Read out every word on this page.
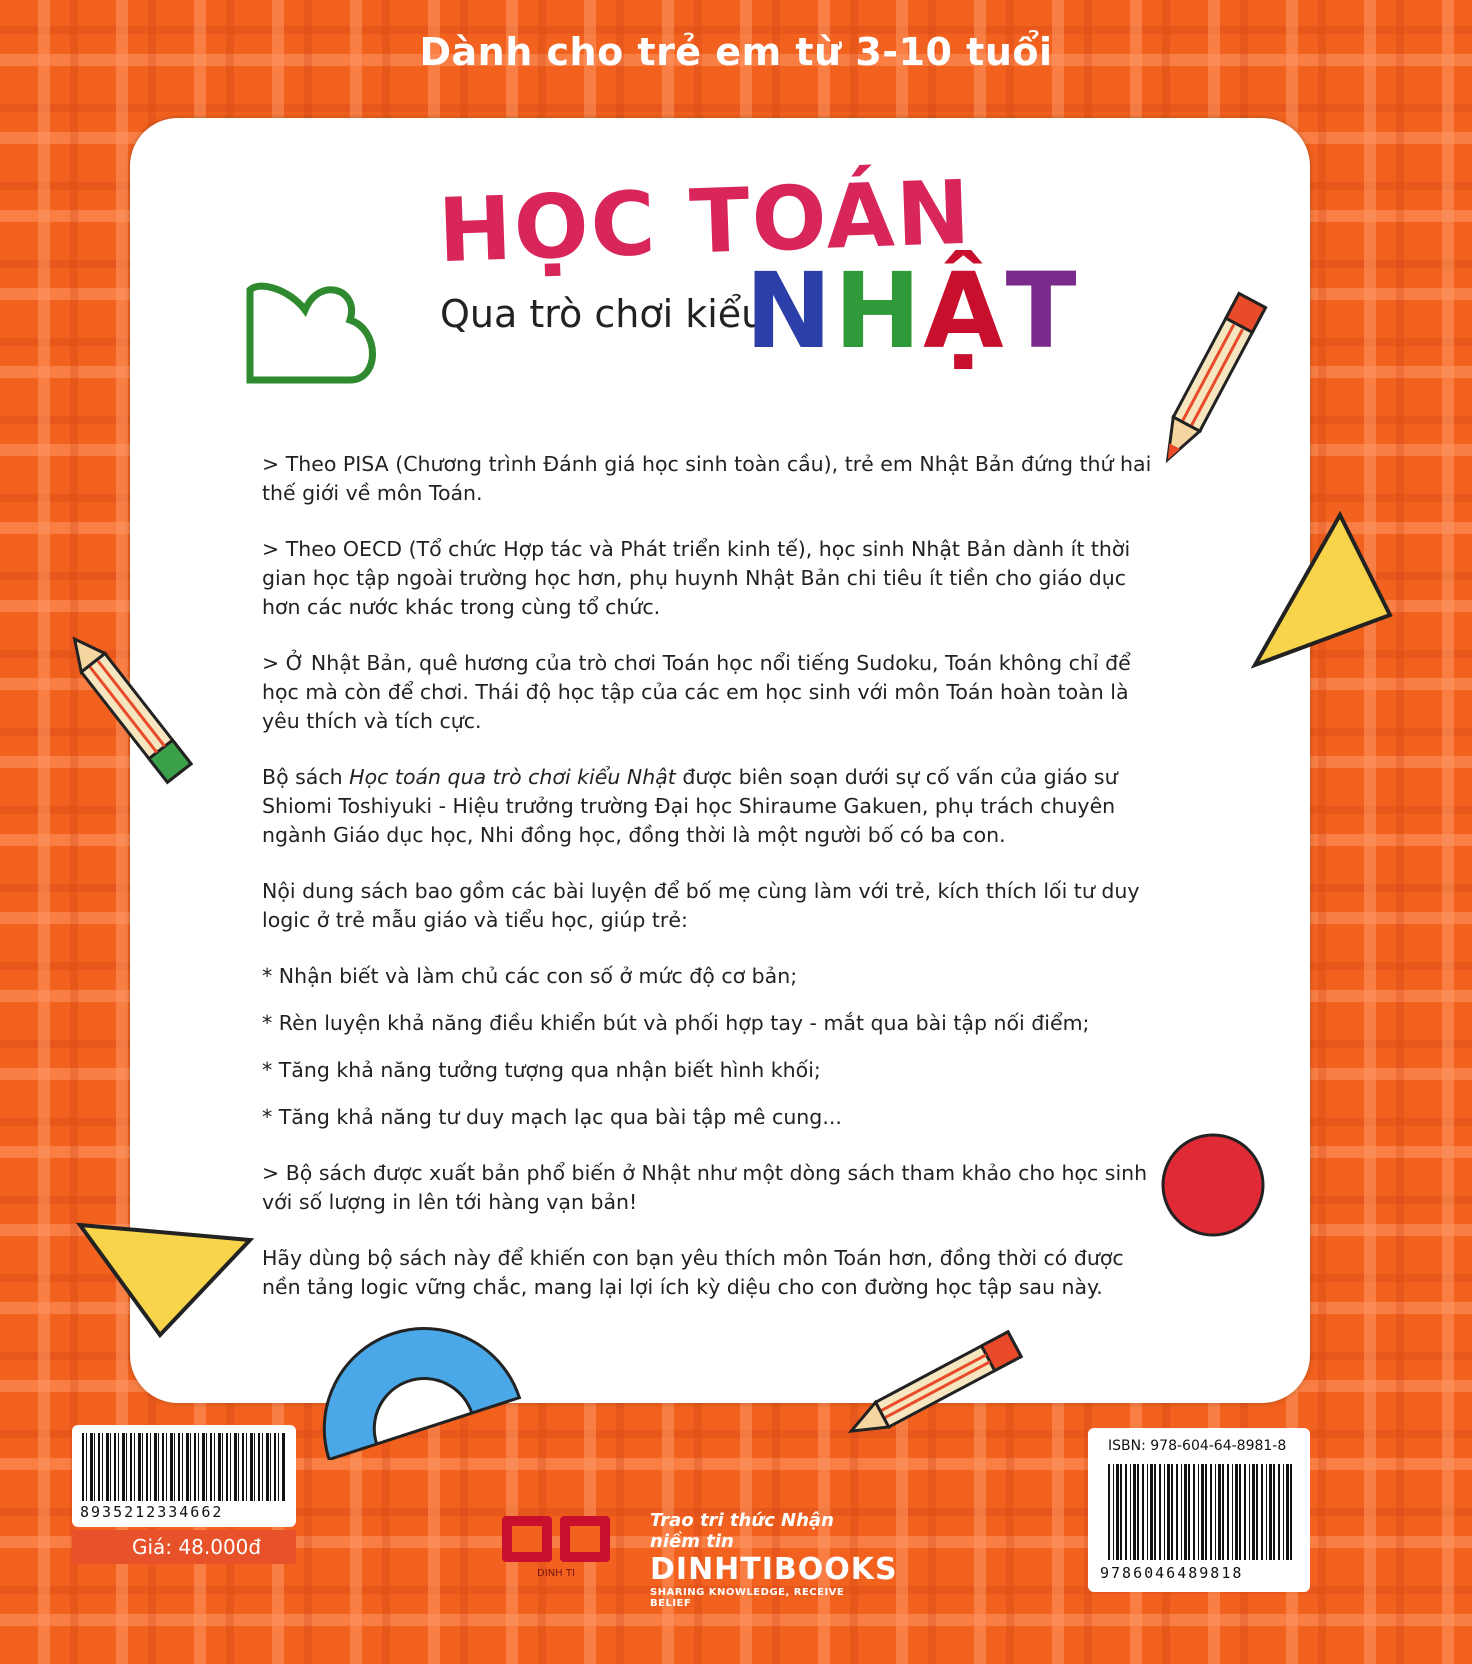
Dành cho trẻ em từ 3-10 tuổi
HỌC TOÁN
Qua trò chơi kiểu
NHẬT

> Theo PISA (Chương trình Đánh giá học sinh toàn cầu), trẻ em Nhật Bản đứng thứ hai thế giới về môn Toán.

> Theo OECD (Tổ chức Hợp tác và Phát triển kinh tế), học sinh Nhật Bản dành ít thời gian học tập ngoài trường học hơn, phụ huynh Nhật Bản chi tiêu ít tiền cho giáo dục hơn các nước khác trong cùng tổ chức.

> Ở Nhật Bản, quê hương của trò chơi Toán học nổi tiếng Sudoku, Toán không chỉ để học mà còn để chơi. Thái độ học tập của các em học sinh với môn Toán hoàn toàn là yêu thích và tích cực.

Bộ sách Học toán qua trò chơi kiểu Nhật được biên soạn dưới sự cố vấn của giáo sư Shiomi Toshiyuki - Hiệu trưởng trường Đại học Shiraume Gakuen, phụ trách chuyên ngành Giáo dục học, Nhi đồng học, đồng thời là một người bố có ba con.

Nội dung sách bao gồm các bài luyện để bố mẹ cùng làm với trẻ, kích thích lối tư duy logic ở trẻ mẫu giáo và tiểu học, giúp trẻ:

* Nhận biết và làm chủ các con số ở mức độ cơ bản;

* Rèn luyện khả năng điều khiển bút và phối hợp tay - mắt qua bài tập nối điểm;

* Tăng khả năng tưởng tượng qua nhận biết hình khối;

* Tăng khả năng tư duy mạch lạc qua bài tập mê cung...

> Bộ sách được xuất bản phổ biến ở Nhật như một dòng sách tham khảo cho học sinh với số lượng in lên tới hàng vạn bản!

Hãy dùng bộ sách này để khiến con bạn yêu thích môn Toán hơn, đồng thời có được nền tảng logic vững chắc, mang lại lợi ích kỳ diệu cho con đường học tập sau này.

8935212334662
Giá: 48.000đ
DINH TI
Trao tri thức Nhận niềm tin
DINHTIBOOKS
SHARING KNOWLEDGE, RECEIVE BELIEF
ISBN: 978-604-64-8981-8
9786046489818
